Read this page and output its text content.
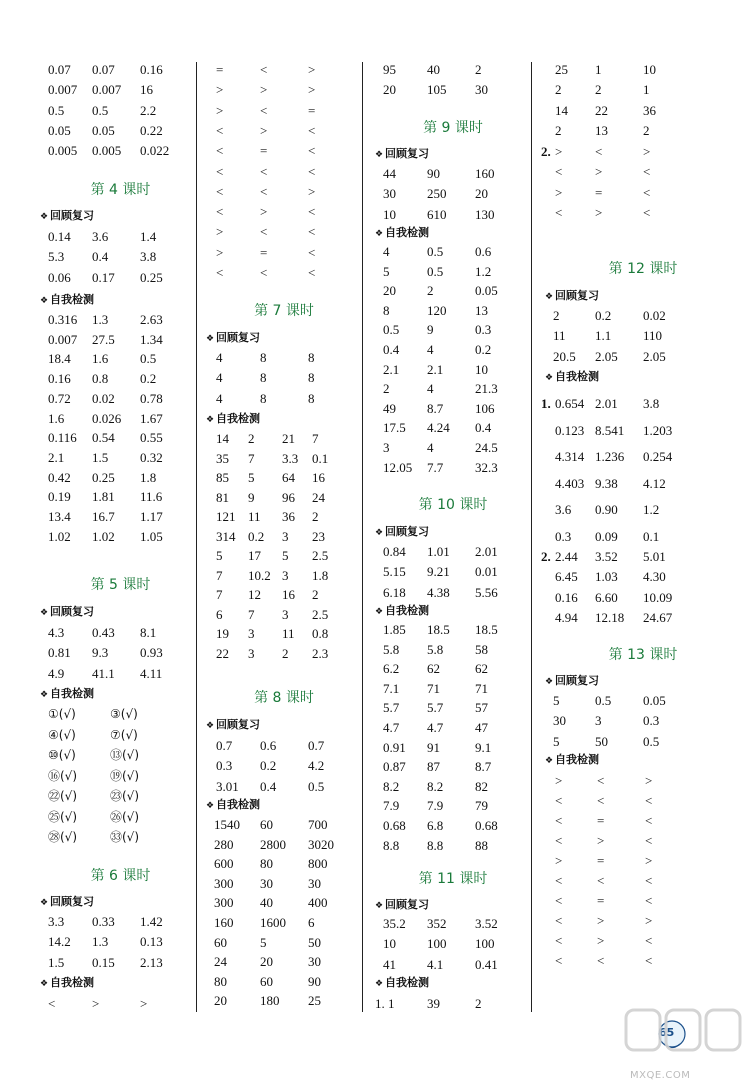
0.07 0.07 0.16
0.007 0.007 16
0.5 0.5 2.2
0.05 0.05 0.22
0.005 0.005 0.022
第 4 课时
❖ 回顾复习
0.14 3.6 1.4
5.3 0.4 3.8
0.06 0.17 0.25
❖ 自我检测
0.316 1.3 2.63
0.007 27.5 1.34
18.4 1.6 0.5
0.16 0.8 0.2
0.72 0.02 0.78
1.6 0.026 1.67
0.116 0.54 0.55
2.1 1.5 0.32
0.42 0.25 1.8
0.19 1.81 11.6
13.4 16.7 1.17
1.02 1.02 1.05
第 5 课时
❖ 回顾复习
4.3 0.43 8.1
0.81 9.3 0.93
4.9 41.1 4.11
❖ 自我检测
①(√)	③(√)
④(√)	⑦(√)
⑩(√)	⑬(√)
⑯(√)	⑲(√)
㉒(√)	㉓(√)
㉕(√)	㉖(√)
㉘(√)	㉝(√)
第 6 课时
❖ 回顾复习
3.3 0.33 1.42
14.2 1.3 0.13
1.5 0.15 2.13
❖ 自我检测
<	>	>
=	<	>
>	>	>
>	<	=
<	>	<
<	=	<
<	<	<
<	<	>
<	>	<
>	<	<
>	=	<
<	<	<
第 7 课时
❖ 回顾复习
4	8	8
4	8	8
4	8	8
❖ 自我检测
14 2 21 7
35 7 3.3 0.1
85 5 64 16
81 9 96 24
121 11 36 2
314 0.2 3 23
5 17 5 2.5
7 10.2 3 1.8
7 12 16 2
6 7 3 2.5
19 3 11 0.8
22 3 2 2.3
第 8 课时
❖ 回顾复习
0.7 0.6 0.7
0.3 0.2 4.2
3.01 0.4 0.5
❖ 自我检测
1540 60	700
280 2800 3020
600 80	800
300 30	30
300 40	400
160 1600 6
60	5	50
24	20	30
80	60	90
20	180 25
95 40	2
20 105 30
第 9 课时
❖ 回顾复习
44 90	160
30 250 20
10 610 130
❖ 自我检测
4	0.5 0.6
5	0.5 1.2
20 2	0.05
8	120 13
0.5 9	0.3
0.4 4	0.2
2.1 2.1 10
2	4	21.3
49 8.7 106
17.5 4.24 0.4
3	4	24.5
12.05 7.7 32.3
第 10 课时
❖ 回顾复习
0.84 1.01 2.01
5.15 9.21 0.01
6.18 4.38 5.56
❖ 自我检测
1.85 18.5 18.5
5.8 5.8 58
6.2 62	62
7.1 71	71
5.7 5.7 57
4.7 4.7 47
0.91 91	9.1
0.87 87	8.7
8.2 8.2 82
7.9 7.9 79
0.68 6.8 0.68
8.8 8.8 88
第 11 课时
❖ 回顾复习
35.2 352 3.52
10 100 100
41 4.1 0.41
❖ 自我检测
1. 1	39	2
25 1	10
2	2	1
14 22	36
2	13	2
2. >	<	>
<	>	<
>	=	<
<	>	<
第 12 课时
❖ 回顾复习
2	0.2 0.02
11 1.1 110
20.5 2.05 2.05
❖ 自我检测
1. 0.654 2.01 3.8
0.123 8.541 1.203
4.314 1.236 0.254
4.403 9.38 4.12
3.6 0.90 1.2
0.3 0.09 0.1
2. 2.44 3.52 5.01
6.45 1.03 4.30
0.16 6.60 10.09
4.94 12.18 24.67
第 13 课时
❖ 回顾复习
5	0.5 0.05
30 3	0.3
5	50	0.5
❖ 自我检测
>	<	>
<	<	<
<	=	<
<	>	<
>	=	>
<	<	<
<	=	<
<	>	>
<	>	<
<	<	<
65
MXQE.COM
